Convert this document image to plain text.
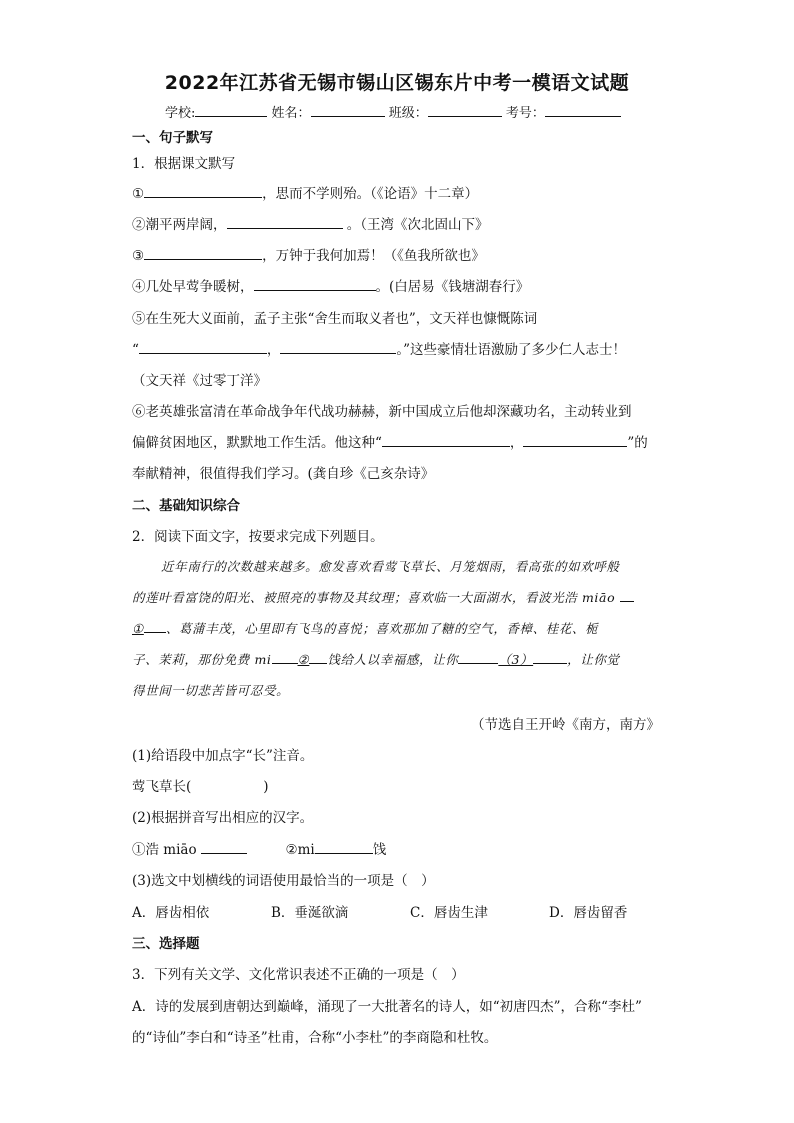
2022年江苏省无锡市锡山区锡东片中考一模语文试题
学校:	姓名：	班级：	考号：
一、句子默写
1．根据课文默写
①	，思而不学则殆。（《论语》十二章）
②潮平两岸阔，	。（王湾《次北固山下》
③	，万钟于我何加焉！（《鱼我所欲也》
④几处早莺争暖树，	。(白居易《钱塘湖春行》
⑤在生死大义面前，孟子主张“舍生而取义者也”，文天祥也慷慨陈词
“	，	。”这些豪情壮语激励了多少仁人志士！
（文天祥《过零丁洋》
⑥老英雄张富清在革命战争年代战功赫赫，新中国成立后他却深藏功名，主动转业到
偏僻贫困地区，默默地工作生活。他这种“	，	”的
奉献精神，很值得我们学习。(龚自珍《己亥杂诗》
二、基础知识综合
2．阅读下面文字，按要求完成下列题目。
近年南行的次数越来越多。愈发喜欢看莺飞草长、月笼烟雨，看高张的如欢呼般
的莲叶看富饶的阳光、被照亮的事物及其纹理；喜欢临一大面湖水，看波光浩 miāo
① 、葛蒲丰茂，心里即有飞鸟的喜悦；喜欢那加了糖的空气，香樟、桂花、栀
子、茉莉，那份免费 mi ② 饯给人以幸福感，让你	（3）	，让你觉
得世间一切悲苦皆可忍受。
（节选自王开岭《南方，南方》
(1)给语段中加点字“长”注音。
莺飞草长(	)
(2)根据拼音写出相应的汉字。
①浩 miāo	②mi	饯
(3)选文中划横线的词语使用最恰当的一项是（　）
A．唇齿相依	B．垂涎欲滴	C．唇齿生津	D．唇齿留香
三、选择题
3．下列有关文学、文化常识表述不正确的一项是（　）
A．诗的发展到唐朝达到巅峰，涌现了一大批著名的诗人，如“初唐四杰”，合称“李杜”
的“诗仙”李白和“诗圣”杜甫，合称“小李杜”的李商隐和杜牧。
